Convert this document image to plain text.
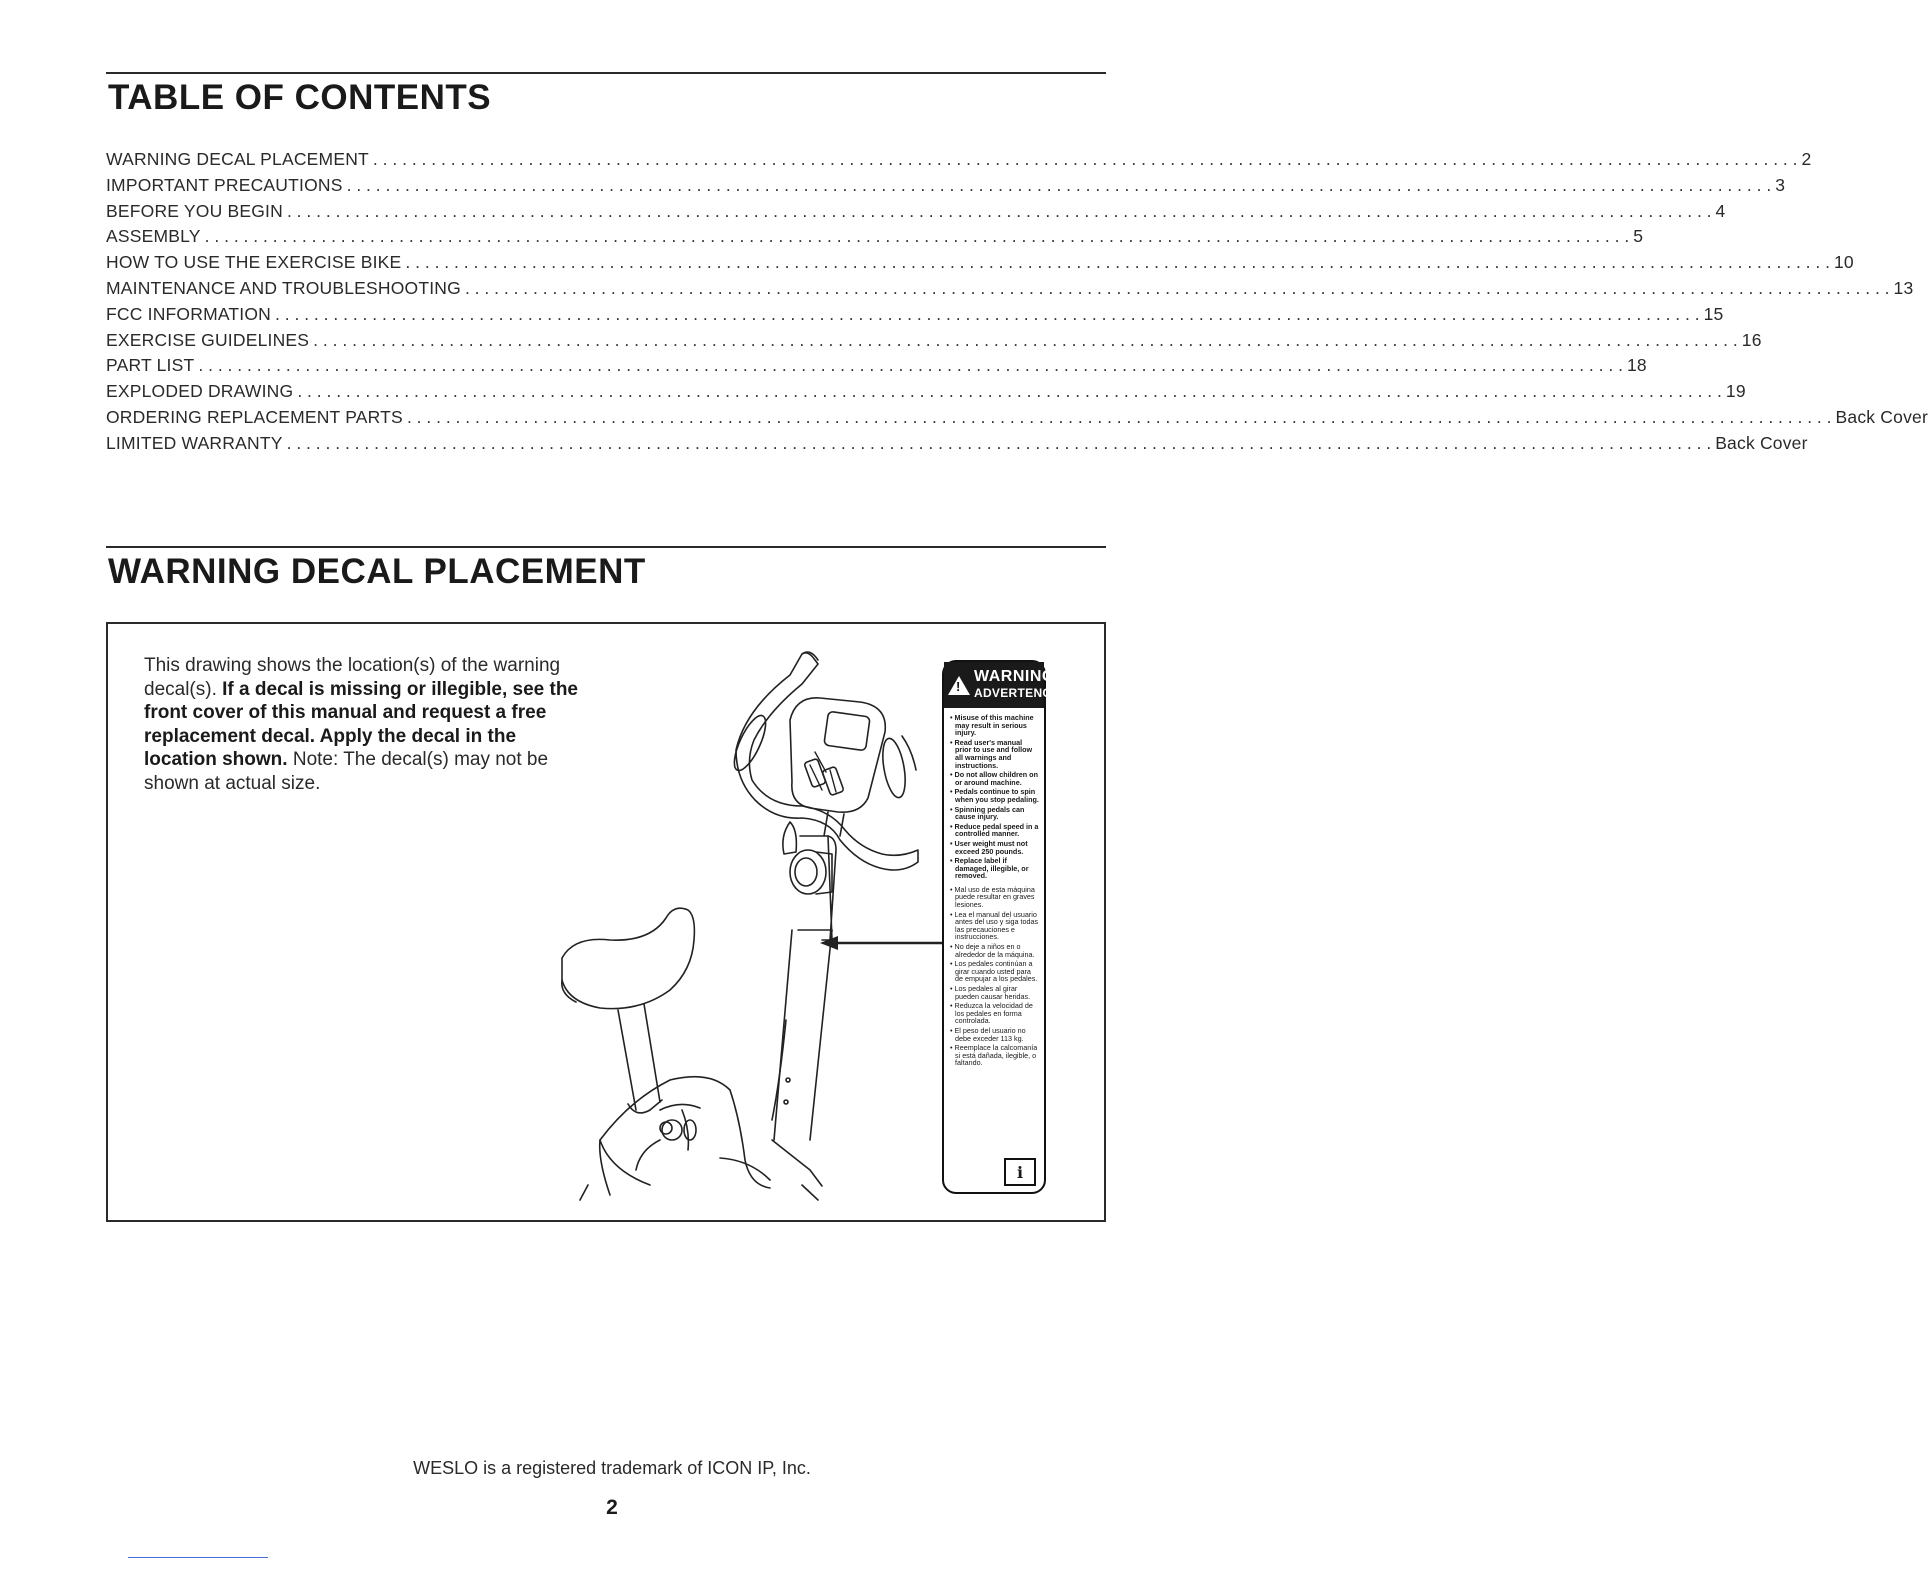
TABLE OF CONTENTS
WARNING DECAL PLACEMENT . . .	2
IMPORTANT PRECAUTIONS . . .	3
BEFORE YOU BEGIN . . .	4
ASSEMBLY . . .	5
HOW TO USE THE EXERCISE BIKE . . .	10
MAINTENANCE AND TROUBLESHOOTING . . .	13
FCC INFORMATION . . .	15
EXERCISE GUIDELINES . . .	16
PART LIST . . .	18
EXPLODED DRAWING . . .	19
ORDERING REPLACEMENT PARTS . . .	Back Cover
LIMITED WARRANTY . . .	Back Cover
WARNING DECAL PLACEMENT

This drawing shows the location(s) of the warning decal(s). If a decal is missing or illegible, see the front cover of this manual and request a free replacement decal. Apply the decal in the location shown. Note: The decal(s) may not be shown at actual size.

!
WARNING
ADVERTENCIA
• Misuse of this machine may result in serious injury.
• Read user's manual prior to use and follow all warnings and instructions.
• Do not allow children on or around machine.
• Pedals continue to spin when you stop pedaling.
• Spinning pedals can cause injury.
• Reduce pedal speed in a controlled manner.
• User weight must not exceed 250 pounds.
• Replace label if damaged, illegible, or removed.
• Mal uso de esta máquina puede resultar en graves lesiones.
• Lea el manual del usuario antes del uso y siga todas las precauciones e instrucciones.
• No deje a niños en o alrededor de la máquina.
• Los pedales continúan a girar cuando usted para de empujar a los pedales.
• Los pedales al girar pueden causar heridas.
• Reduzca la velocidad de los pedales en forma controlada.
• El peso del usuario no debe exceder 113 kg.
• Reemplace la calcomanía si está dañada, ilegible, o faltando.
i

WESLO is a registered trademark of ICON IP, Inc.

2
